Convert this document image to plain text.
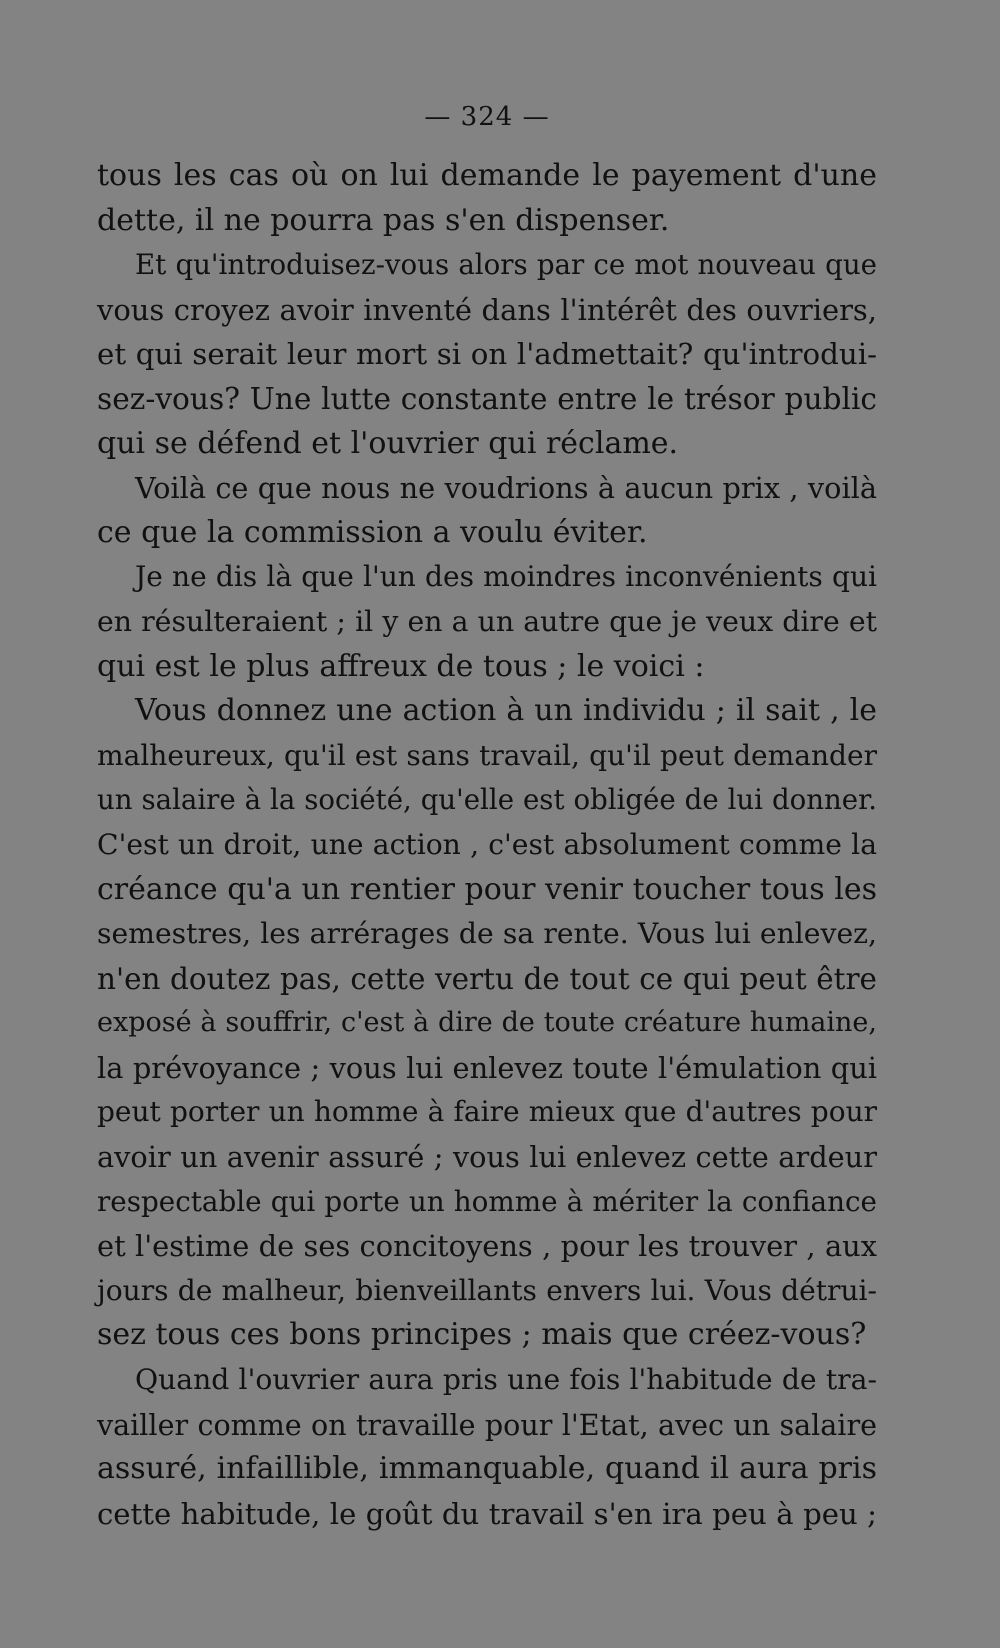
— 324 —
tous les cas où on lui demande le payement d'une
dette, il ne pourra pas s'en dispenser.
Et qu'introduisez-vous alors par ce mot nouveau que
vous croyez avoir inventé dans l'intérêt des ouvriers,
et qui serait leur mort si on l'admettait? qu'introdui-
sez-vous? Une lutte constante entre le trésor public
qui se défend et l'ouvrier qui réclame.
Voilà ce que nous ne voudrions à aucun prix , voilà
ce que la commission a voulu éviter.
Je ne dis là que l'un des moindres inconvénients qui
en résulteraient ; il y en a un autre que je veux dire et
qui est le plus affreux de tous ; le voici :
Vous donnez une action à un individu ; il sait , le
malheureux, qu'il est sans travail, qu'il peut demander
un salaire à la société, qu'elle est obligée de lui donner.
C'est un droit, une action , c'est absolument comme la
créance qu'a un rentier pour venir toucher tous les
semestres, les arrérages de sa rente. Vous lui enlevez,
n'en doutez pas, cette vertu de tout ce qui peut être
exposé à souffrir, c'est à dire de toute créature humaine,
la prévoyance ; vous lui enlevez toute l'émulation qui
peut porter un homme à faire mieux que d'autres pour
avoir un avenir assuré ; vous lui enlevez cette ardeur
respectable qui porte un homme à mériter la confiance
et l'estime de ses concitoyens , pour les trouver , aux
jours de malheur, bienveillants envers lui. Vous détrui-
sez tous ces bons principes ; mais que créez-vous?
Quand l'ouvrier aura pris une fois l'habitude de tra-
vailler comme on travaille pour l'Etat, avec un salaire
assuré, infaillible, immanquable, quand il aura pris
cette habitude, le goût du travail s'en ira peu à peu ;
